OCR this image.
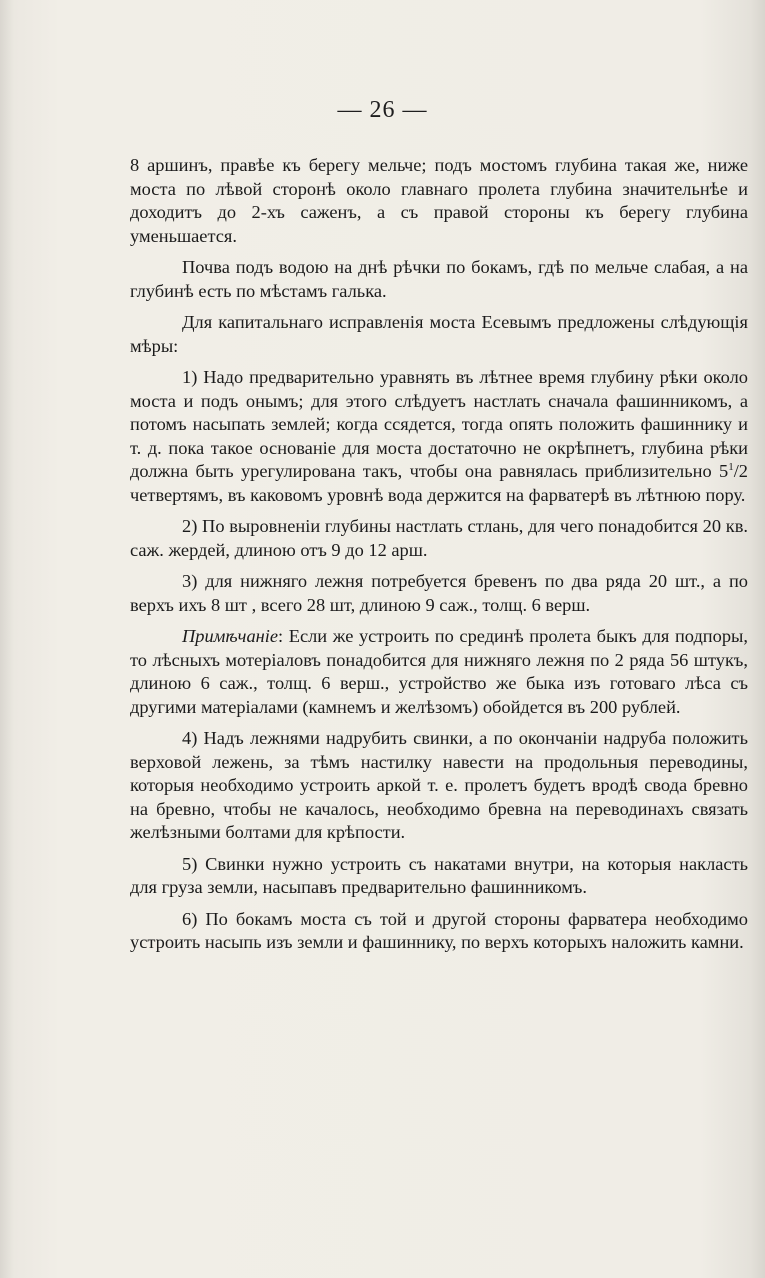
— 26 —

8 аршинъ, правѣе къ берегу мельче; подъ мостомъ глубина такая же, ниже моста по лѣвой сторонѣ около главнаго пролета глубина значительнѣе и доходитъ до 2-хъ саженъ, а съ правой стороны къ берегу глубина уменьшается.

Почва подъ водою на днѣ рѣчки по бокамъ, гдѣ по мельче слабая, а на глубинѣ есть по мѣстамъ галька.

Для капитальнаго исправленія моста Есевымъ предложены слѣдующія мѣры:

1) Надо предварительно уравнять въ лѣтнее время глубину рѣки около моста и подъ онымъ; для этого слѣдуетъ настлать сначала фашинникомъ, а потомъ насыпать землей; когда ссядется, тогда опять положить фашиннику и т. д. пока такое основаніе для моста достаточно не окрѣпнетъ, глубина рѣки должна быть урегулирована такъ, чтобы она равнялась приблизительно $5^1/2$ четвертямъ, въ каковомъ уровнѣ вода держится на фарватерѣ въ лѣтнюю пору.

2) По выровненіи глубины настлать стлань, для чего понадобится 20 кв. саж. жердей, длиною отъ 9 до 12 арш.

3) для нижняго лежня потребуется бревенъ по два ряда 20 шт., а по верхъ ихъ 8 шт , всего 28 шт, длиною 9 саж., толщ. 6 верш.

Примѣчаніе: Если же устроить по срединѣ пролета быкъ для подпоры, то лѣсныхъ мотеріаловъ понадобится для нижняго лежня по 2 ряда 56 штукъ, длиною 6 саж., толщ. 6 верш., устройство же быка изъ готоваго лѣса съ другими матеріалами (камнемъ и желѣзомъ) обойдется въ 200 рублей.

4) Надъ лежнями надрубить свинки, а по окончаніи надруба положить верховой лежень, за тѣмъ настилку навести на продольныя переводины, которыя необходимо устроить аркой т. е. пролетъ будетъ вродѣ свода бревно на бревно, чтобы не качалось, необходимо бревна на переводинахъ связать желѣзными болтами для крѣпости.

5) Свинки нужно устроить съ накатами внутри, на которыя накласть для груза земли, насыпавъ предварительно фашинникомъ.

6) По бокамъ моста съ той и другой стороны фарватера необходимо устроить насыпь изъ земли и фашиннику, по верхъ которыхъ наложить камни.
